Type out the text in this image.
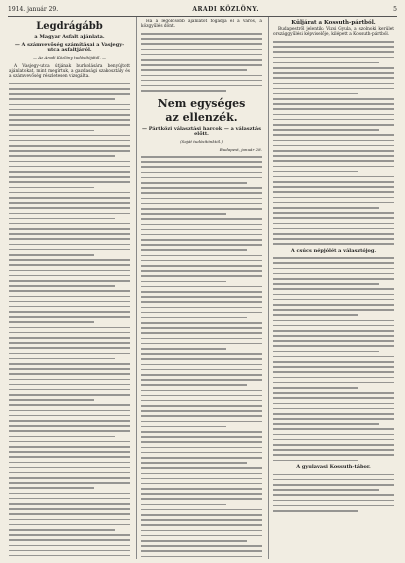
1914. január 29.	ARADI KÖZLÖNY.	5
Legdrágább
a Magyar Asfalt ajánlata.
— A számvevőség számításai a Vasjegy-utca asfaltjáról.
— Az Aradi Közlöny tudósítójától. —

A Vasjegy-utca útjának burkolására benyújtott ajánlatokat, mint megírtuk, a gazdasági szakosztály és a számvevőség részletesen vizsgálta.

Ha a legolcsóbb ajánlatot fogadja el a város, a közgyűlés dönt.

Nem egységes
az ellenzék.
— Pártközi választási harcok — a választás előtt.
(Saját tudósítónktól.)
Budapest, január 28.
Küljárat a Kossuth-pártból.

Budapestről jelentik: Vizsi Gyula, a szolnoki kerület országgyűlési képviselője, kilépett a Kossuth-pártból.

A csúcs népjólét a választójog.
A gyulavasi Kossuth-tábor.
